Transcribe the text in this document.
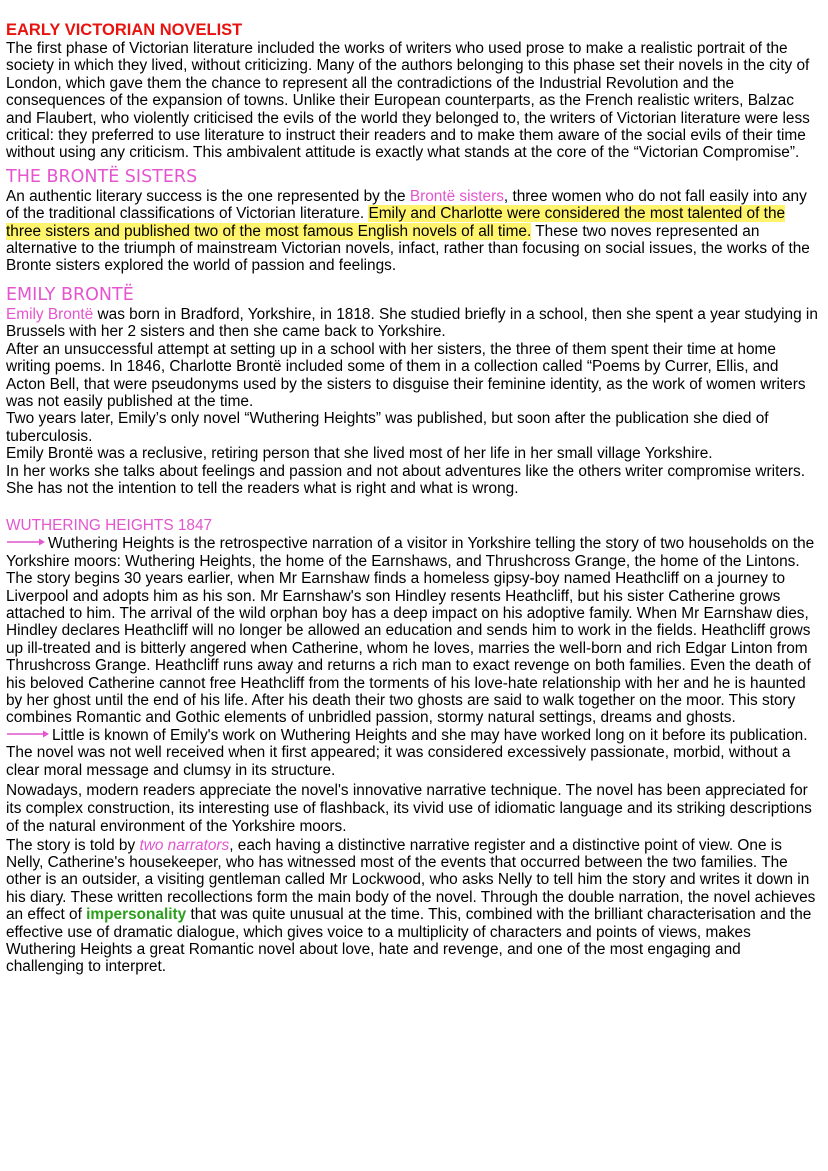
EARLY VICTORIAN NOVELIST

The first phase of Victorian literature included the works of writers who used prose to make a realistic portrait of the society in which they lived, without criticizing. Many of the authors belonging to this phase set their novels in the city of London, which gave them the chance to represent all the contradictions of the Industrial Revolution and the consequences of the expansion of towns. Unlike their European counterparts, as the French realistic writers, Balzac and Flaubert, who violently criticised the evils of the world they belonged to, the writers of Victorian literature were less critical: they preferred to use literature to instruct their readers and to make them aware of the social evils of their time without using any criticism. This ambivalent attitude is exactly what stands at the core of the “Victorian Compromise”.

THE BRONTË SISTERS

An authentic literary success is the one represented by the Brontë sisters, three women who do not fall easily into any of the traditional classifications of Victorian literature. Emily and Charlotte were considered the most talented of the three sisters and published two of the most famous English novels of all time. These two noves represented an alternative to the triumph of mainstream Victorian novels, infact, rather than focusing on social issues, the works of the Bronte sisters explored the world of passion and feelings.

EMILY BRONTË

Emily Brontë was born in Bradford, Yorkshire, in 1818. She studied briefly in a school, then she spent a year studying in Brussels with her 2 sisters and then she came back to Yorkshire.

After an unsuccessful attempt at setting up in a school with her sisters, the three of them spent their time at home writing poems. In 1846, Charlotte Brontë included some of them in a collection called “Poems by Currer, Ellis, and Acton Bell, that were pseudonyms used by the sisters to disguise their feminine identity, as the work of women writers was not easily published at the time.

Two years later, Emily’s only novel “Wuthering Heights” was published, but soon after the publication she died of tuberculosis.

Emily Brontë was a reclusive, retiring person that she lived most of her life in her small village Yorkshire.

In her works she talks about feelings and passion and not about adventures like the others writer compromise writers. She has not the intention to tell the readers what is right and what is wrong.

WUTHERING HEIGHTS 1847

Wuthering Heights is the retrospective narration of a visitor in Yorkshire telling the story of two households on the Yorkshire moors: Wuthering Heights, the home of the Earnshaws, and Thrushcross Grange, the home of the Lintons. The story begins 30 years earlier, when Mr Earnshaw finds a homeless gipsy-boy named Heathcliff on a journey to Liverpool and adopts him as his son. Mr Earnshaw's son Hindley resents Heathcliff, but his sister Catherine grows attached to him. The arrival of the wild orphan boy has a deep impact on his adoptive family. When Mr Earnshaw dies, Hindley declares Heathcliff will no longer be allowed an education and sends him to work in the fields. Heathcliff grows up ill-treated and is bitterly angered when Catherine, whom he loves, marries the well-born and rich Edgar Linton from Thrushcross Grange. Heathcliff runs away and returns a rich man to exact revenge on both families. Even the death of his beloved Catherine cannot free Heathcliff from the torments of his love-hate relationship with her and he is haunted by her ghost until the end of his life. After his death their two ghosts are said to walk together on the moor. This story combines Romantic and Gothic elements of unbridled passion, stormy natural settings, dreams and ghosts.

Little is known of Emily's work on Wuthering Heights and she may have worked long on it before its publication. The novel was not well received when it first appeared; it was considered excessively passionate, morbid, without a clear moral message and clumsy in its structure.

Nowadays, modern readers appreciate the novel's innovative narrative technique. The novel has been appreciated for its complex construction, its interesting use of flashback, its vivid use of idiomatic language and its striking descriptions of the natural environment of the Yorkshire moors.

The story is told by two narrators, each having a distinctive narrative register and a distinctive point of view. One is Nelly, Catherine's housekeeper, who has witnessed most of the events that occurred between the two families. The other is an outsider, a visiting gentleman called Mr Lockwood, who asks Nelly to tell him the story and writes it down in his diary. These written recollections form the main body of the novel. Through the double narration, the novel achieves an effect of impersonality that was quite unusual at the time. This, combined with the brilliant characterisation and the effective use of dramatic dialogue, which gives voice to a multiplicity of characters and points of views, makes Wuthering Heights a great Romantic novel about love, hate and revenge, and one of the most engaging and challenging to interpret.
